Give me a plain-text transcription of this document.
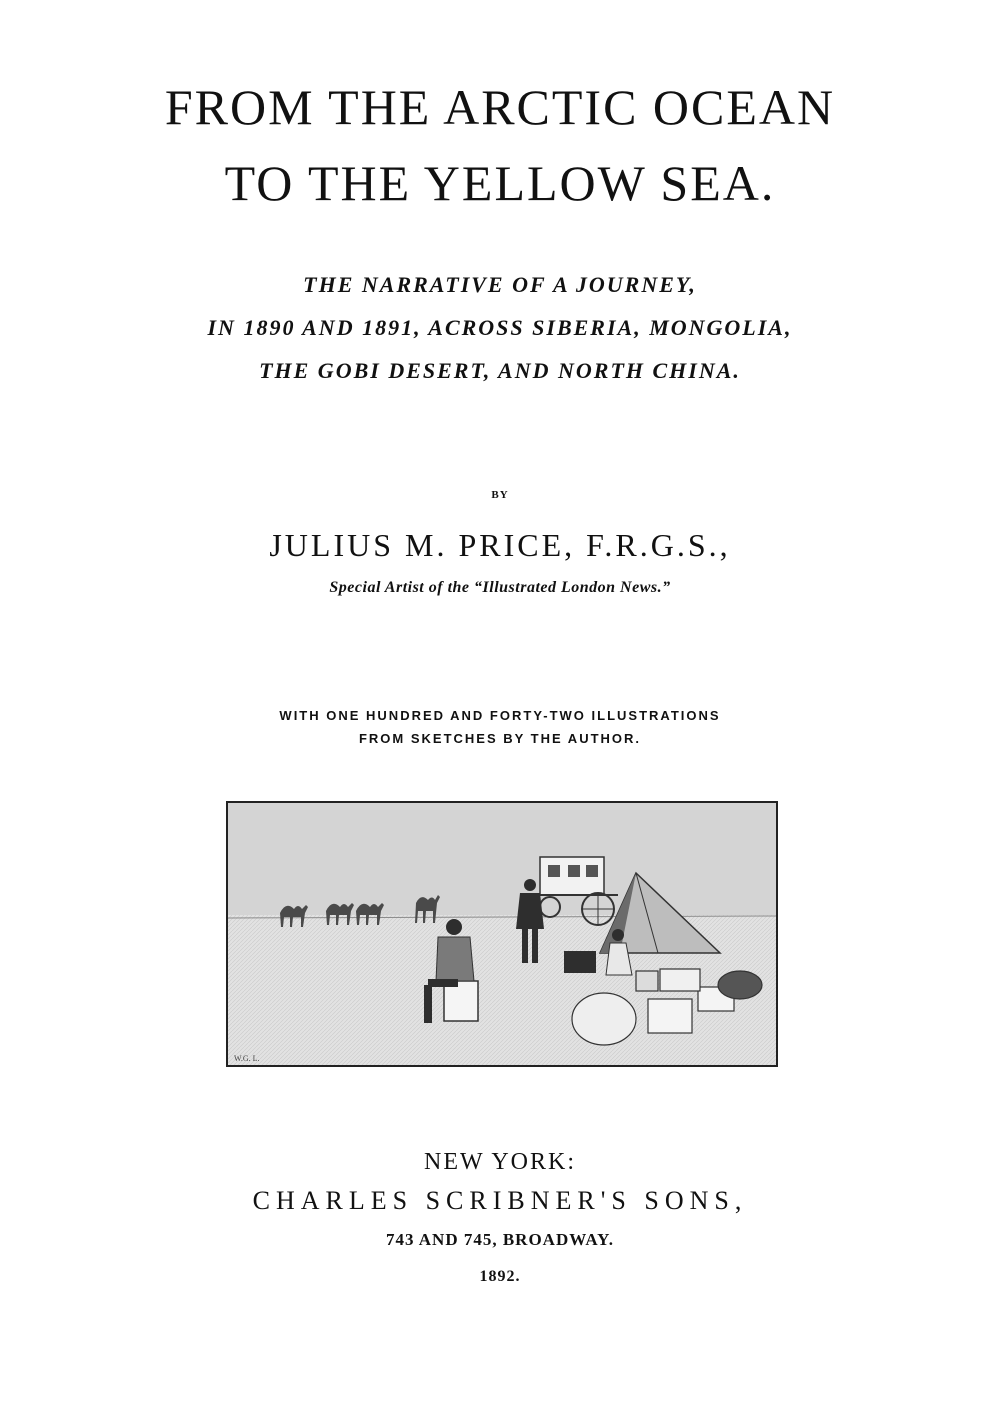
FROM THE ARCTIC OCEAN
TO THE YELLOW SEA.
THE NARRATIVE OF A JOURNEY,
IN 1890 AND 1891, ACROSS SIBERIA, MONGOLIA,
THE GOBI DESERT, AND NORTH CHINA.
BY
JULIUS M. PRICE, F.R.G.S.,
Special Artist of the “Illustrated London News.”
WITH ONE HUNDRED AND FORTY-TWO ILLUSTRATIONS
FROM SKETCHES BY THE AUTHOR.
W.G. L.
NEW YORK:
CHARLES SCRIBNER'S SONS,
743 AND 745, BROADWAY.
1892.
